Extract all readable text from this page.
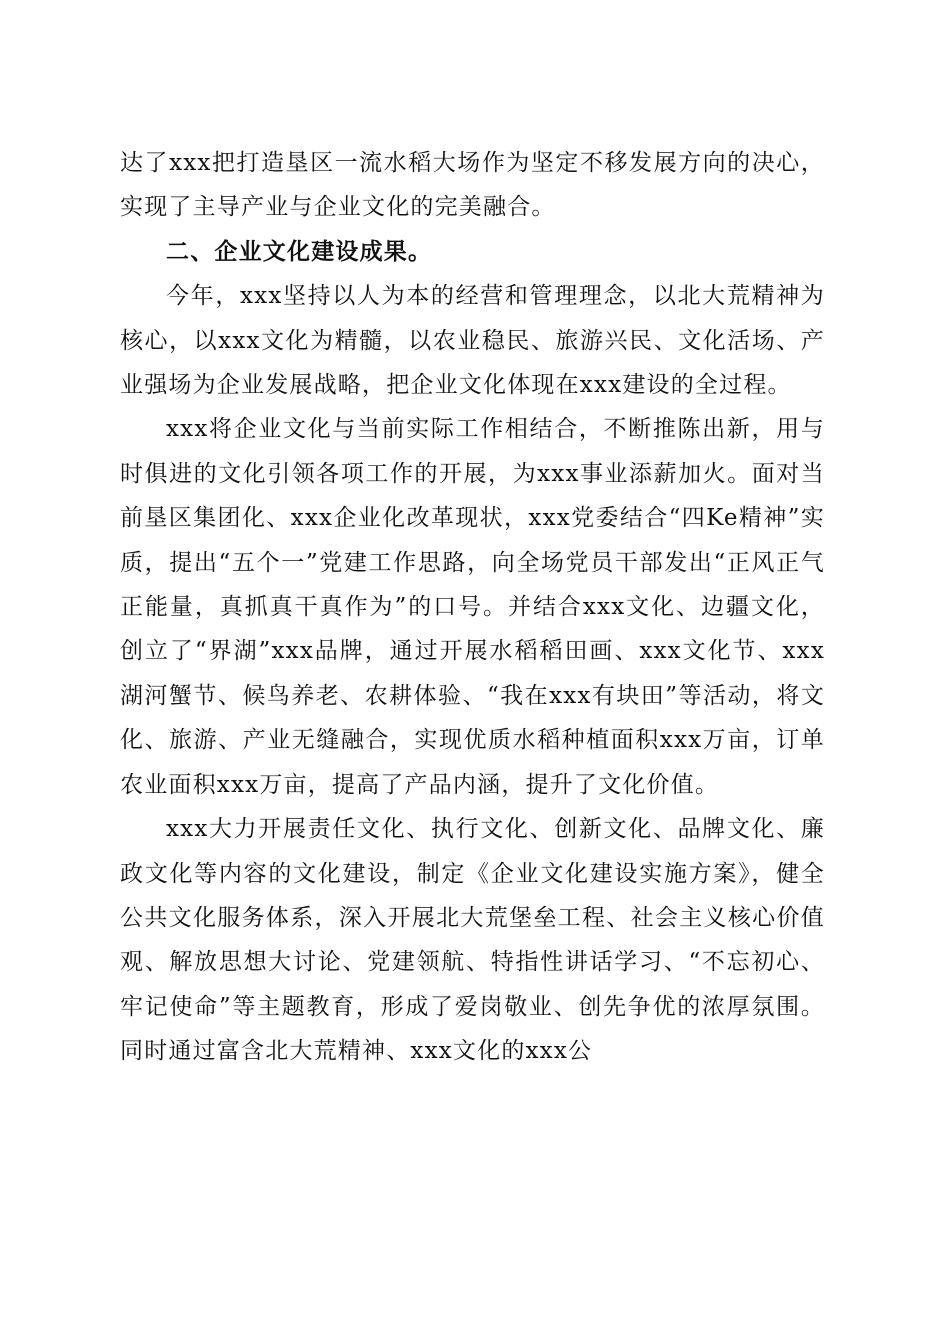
达了xxx把打造垦区一流水稻大场作为坚定不移发展方向的决心，实现了主导产业与企业文化的完美融合。

二、企业文化建设成果。

今年，xxx坚持以人为本的经营和管理理念，以北大荒精神为核心，以xxx文化为精髓，以农业稳民、旅游兴民、文化活场、产业强场为企业发展战略，把企业文化体现在xxx建设的全过程。

xxx将企业文化与当前实际工作相结合，不断推陈出新，用与时俱进的文化引领各项工作的开展，为xxx事业添薪加火。面对当前垦区集团化、xxx企业化改革现状，xxx党委结合“四Ke精神”实质，提出“五个一”党建工作思路，向全场党员干部发出“正风正气正能量，真抓真干真作为”的口号。并结合xxx文化、边疆文化，创立了“界湖”xxx品牌，通过开展水稻稻田画、xxx文化节、xxx湖河蟹节、候鸟养老、农耕体验、“我在xxx有块田”等活动，将文化、旅游、产业无缝融合，实现优质水稻种植面积xxx万亩，订单农业面积xxx万亩，提高了产品内涵，提升了文化价值。

xxx大力开展责任文化、执行文化、创新文化、品牌文化、廉政文化等内容的文化建设，制定《企业文化建设实施方案》，健全公共文化服务体系，深入开展北大荒堡垒工程、社会主义核心价值观、解放思想大讨论、党建领航、特指性讲话学习、“不忘初心、牢记使命”等主题教育，形成了爱岗敬业、创先争优的浓厚氛围。同时通过富含北大荒精神、xxx文化的xxx公
